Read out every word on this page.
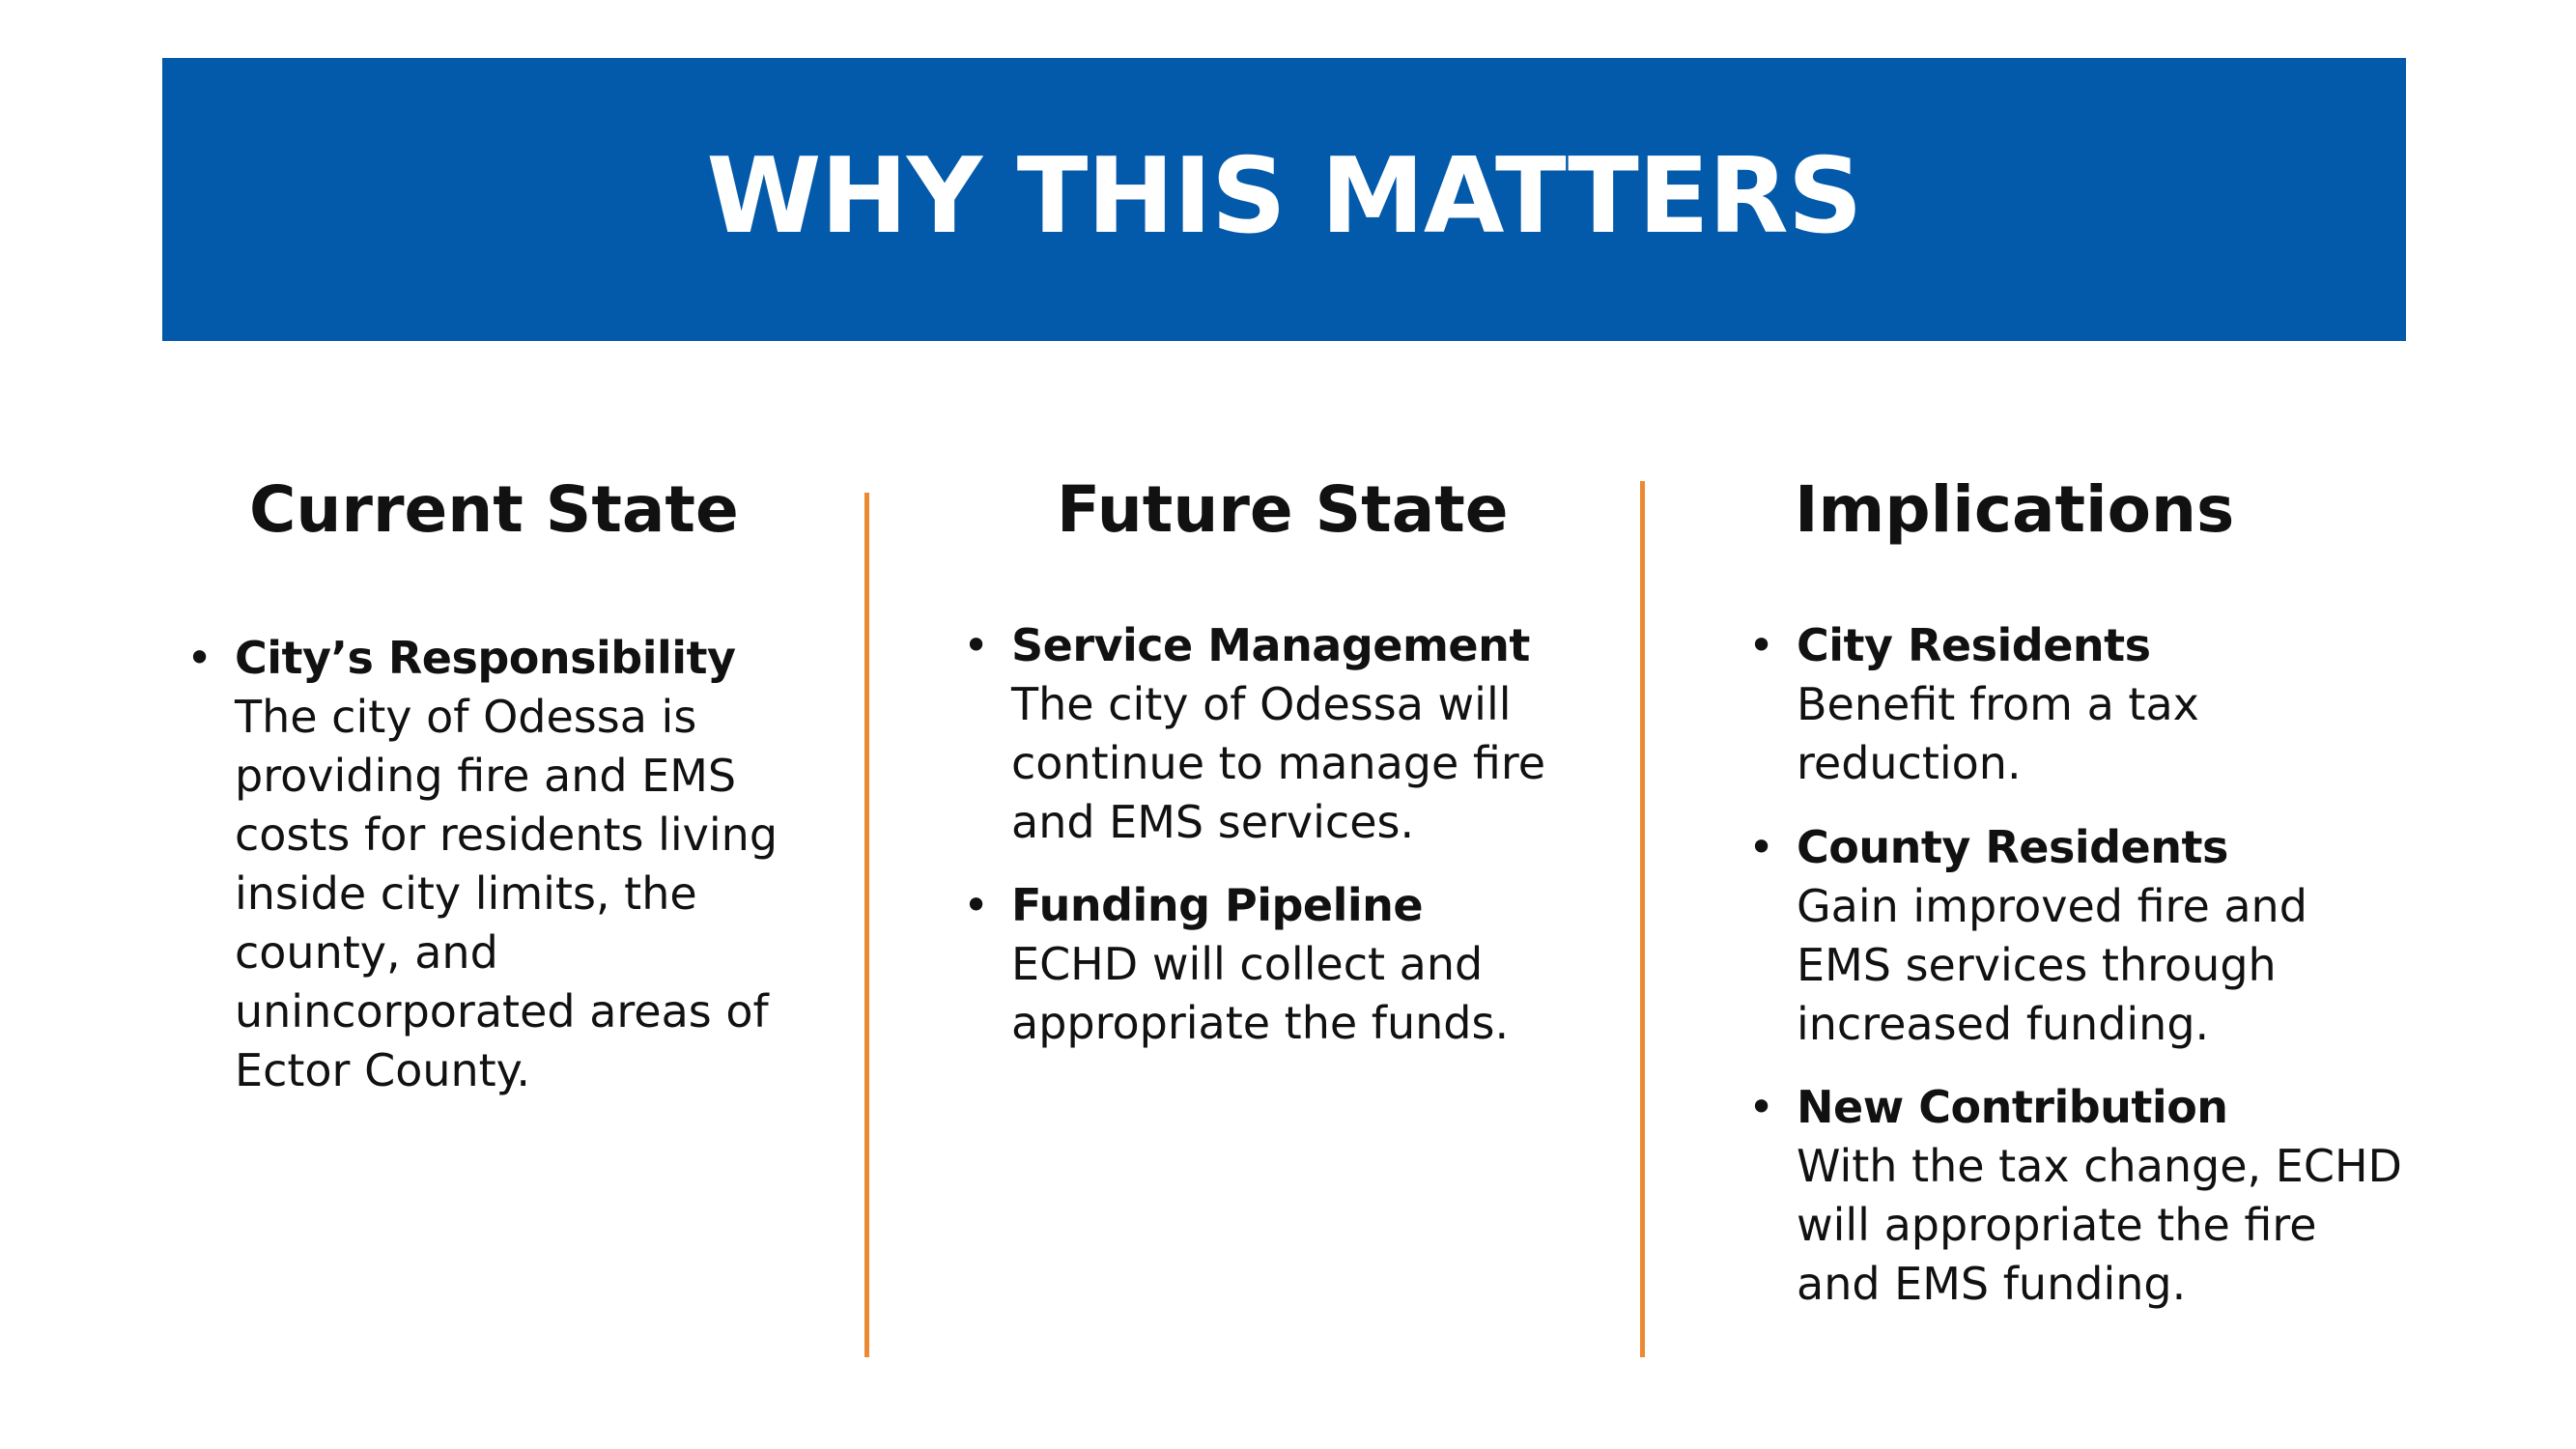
WHY THIS MATTERS
Current State
• City’s Responsibility
The city of Odessa is
providing fire and EMS
costs for residents living
inside city limits, the
county, and
unincorporated areas of
Ector County.
Future State
• Service Management
The city of Odessa will
continue to manage fire
and EMS services.
• Funding Pipeline
ECHD will collect and
appropriate the funds.
Implications
• City Residents
Benefit from a tax
reduction.
• County Residents
Gain improved fire and
EMS services through
increased funding.
• New Contribution
With the tax change, ECHD
will appropriate the fire
and EMS funding.
